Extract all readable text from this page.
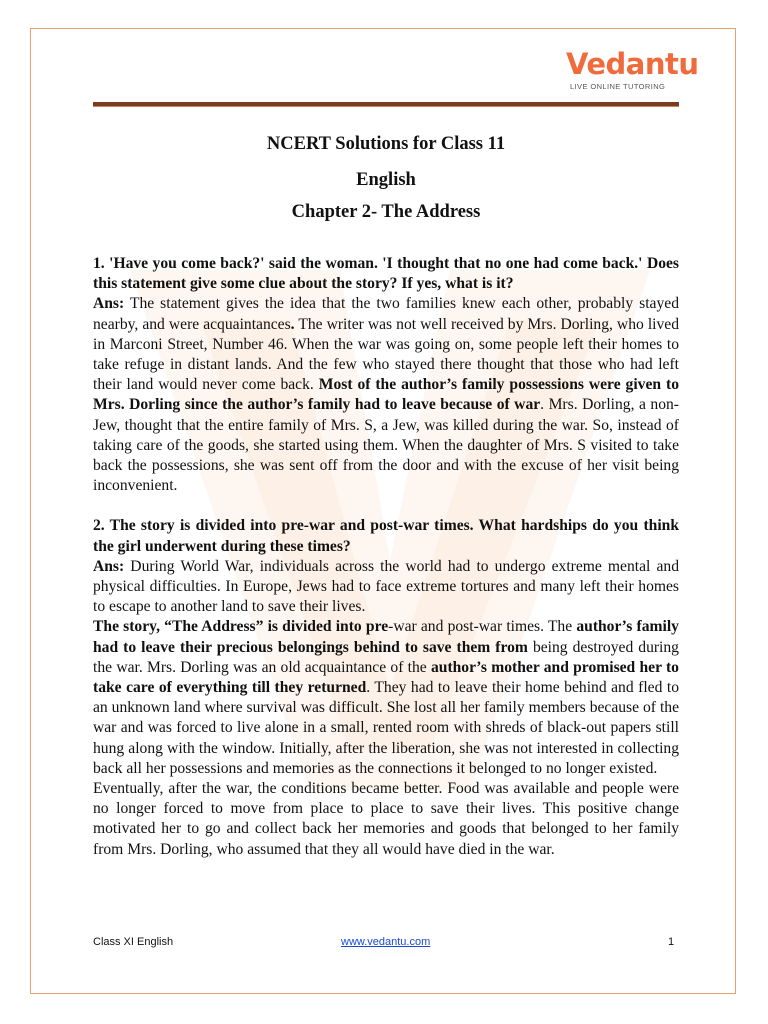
Vedantu
LIVE ONLINE TUTORING
NCERT Solutions for Class 11
English
Chapter 2- The Address

1. 'Have you come back?' said the woman. 'I thought that no one had come back.' Does this statement give some clue about the story? If yes, what is it?

Ans: The statement gives the idea that the two families knew each other, probably stayed nearby, and were acquaintances. The writer was not well received by Mrs. Dorling, who lived in Marconi Street, Number 46. When the war was going on, some people left their homes to take refuge in distant lands. And the few who stayed there thought that those who had left their land would never come back. Most of the author’s family possessions were given to Mrs. Dorling since the author’s family had to leave because of war. Mrs. Dorling, a non- Jew, thought that the entire family of Mrs. S, a Jew, was killed during the war. So, instead of taking care of the goods, she started using them. When the daughter of Mrs. S visited to take back the possessions, she was sent off from the door and with the excuse of her visit being inconvenient.

2. The story is divided into pre-war and post-war times. What hardships do you think the girl underwent during these times?

Ans: During World War, individuals across the world had to undergo extreme mental and physical difficulties. In Europe, Jews had to face extreme tortures and many left their homes to escape to another land to save their lives.

The story, “The Address” is divided into pre-war and post-war times. The author’s family had to leave their precious belongings behind to save them from being destroyed during the war. Mrs. Dorling was an old acquaintance of the author’s mother and promised her to take care of everything till they returned. They had to leave their home behind and fled to an unknown land where survival was difficult. She lost all her family members because of the war and was forced to live alone in a small, rented room with shreds of black-out papers still hung along with the window. Initially, after the liberation, she was not interested in collecting back all her possessions and memories as the connections it belonged to no longer existed.

Eventually, after the war, the conditions became better. Food was available and people were no longer forced to move from place to place to save their lives. This positive change motivated her to go and collect back her memories and goods that belonged to her family from Mrs. Dorling, who assumed that they all would have died in the war.

Class XI English	www.vedantu.com	1
